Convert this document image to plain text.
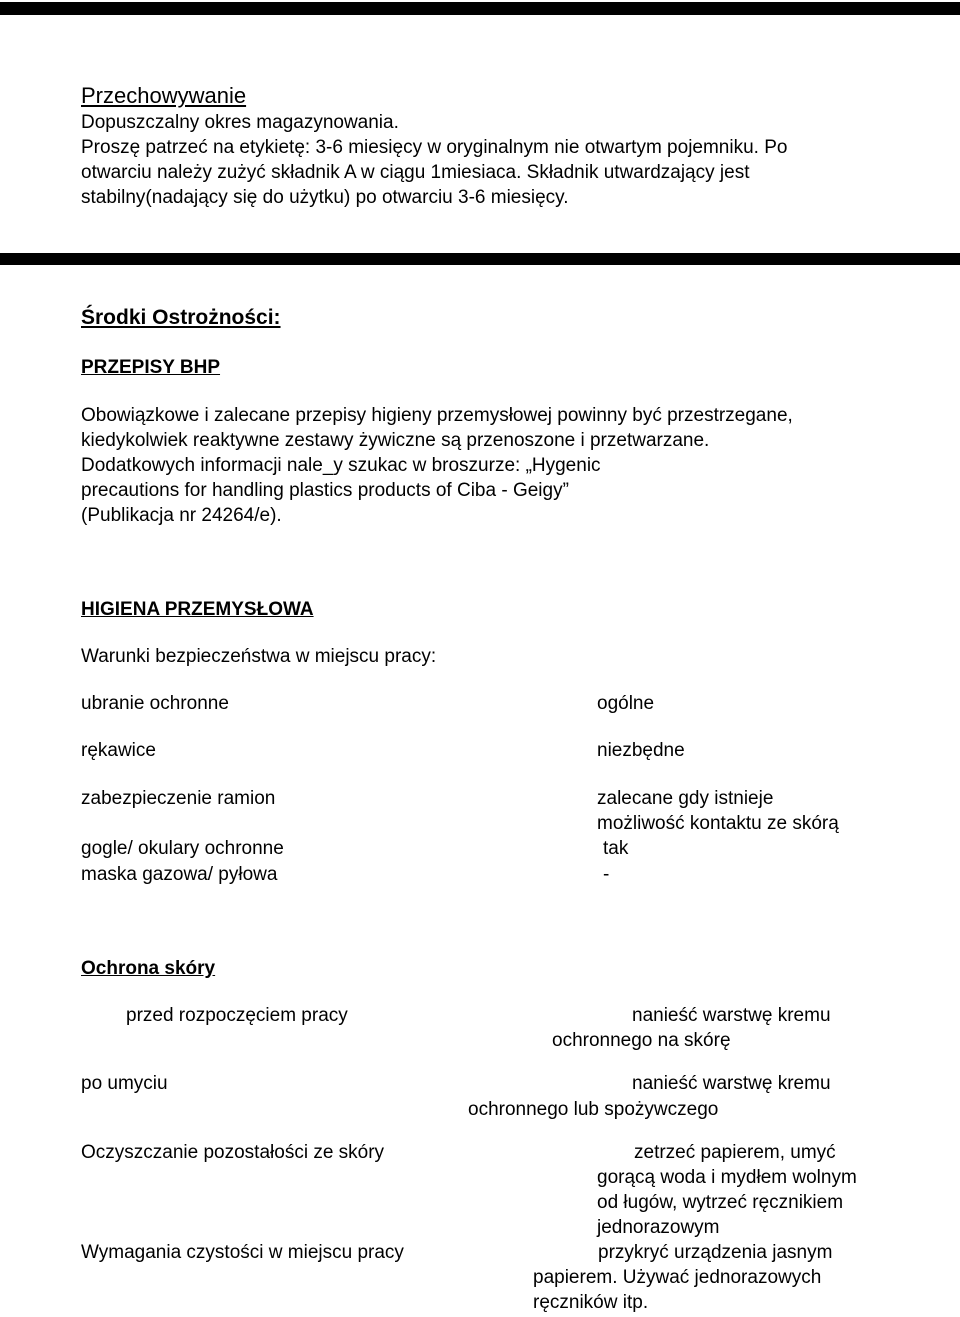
Przechowywanie
Dopuszczalny okres magazynowania.
Proszę patrzeć na etykietę: 3-6 miesięcy w oryginalnym nie otwartym pojemniku. Po
otwarciu należy zużyć składnik A w ciągu 1miesiaca. Składnik utwardzający jest
stabilny(nadający się do użytku) po otwarciu 3-6 miesięcy.
Środki Ostrożności:
PRZEPISY BHP
Obowiązkowe i zalecane przepisy higieny przemysłowej powinny być przestrzegane,
kiedykolwiek reaktywne zestawy żywiczne są przenoszone i przetwarzane.
Dodatkowych informacji nale_y szukac w broszurze: „Hygenic
precautions for handling plastics products of Ciba - Geigy”
(Publikacja nr 24264/e).
HIGIENA PRZEMYSŁOWA
Warunki bezpieczeństwa w miejscu pracy:
ubranie ochronne	ogólne
rękawice	niezbędne
zabezpieczenie ramion	zalecane gdy istnieje
możliwość kontaktu ze skórą
gogle/ okulary ochronne	tak
maska gazowa/ pyłowa	-
Ochrona skóry
przed rozpoczęciem pracy	nanieść warstwę kremu
ochronnego na skórę
po umyciu	nanieść warstwę kremu
ochronnego lub spożywczego
Oczyszczanie pozostałości ze skóry	zetrzeć papierem, umyć
gorącą woda i mydłem wolnym
od ługów, wytrzeć ręcznikiem
jednorazowym
Wymagania czystości w miejscu pracy	przykryć urządzenia jasnym
papierem. Używać jednorazowych
ręczników itp.
